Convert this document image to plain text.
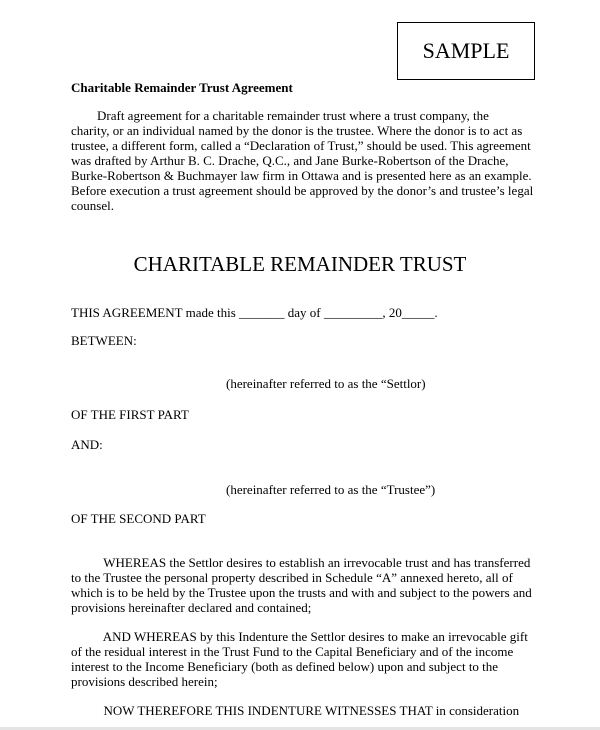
SAMPLE
Charitable Remainder Trust Agreement
Draft agreement for a charitable remainder trust where a trust company, the
charity, or an individual named by the donor is the trustee. Where the donor is to act as
trustee, a different form, called a “Declaration of Trust,” should be used. This agreement
was drafted by Arthur B. C. Drache, Q.C., and Jane Burke-Robertson of the Drache,
Burke-Robertson & Buchmayer law firm in Ottawa and is presented here as an example.
Before execution a trust agreement should be approved by the donor’s and trustee’s legal
counsel.
CHARITABLE REMAINDER TRUST
THIS AGREEMENT made this _______ day of _________, 20_____.
BETWEEN:
(hereinafter referred to as the “Settlor)
OF THE FIRST PART
AND:
(hereinafter referred to as the “Trustee”)
OF THE SECOND PART
WHEREAS the Settlor desires to establish an irrevocable trust and has transferred
to the Trustee the personal property described in Schedule “A” annexed hereto, all of
which is to be held by the Trustee upon the trusts and with and subject to the powers and
provisions hereinafter declared and contained;
AND WHEREAS by this Indenture the Settlor desires to make an irrevocable gift
of the residual interest in the Trust Fund to the Capital Beneficiary and of the income
interest to the Income Beneficiary (both as defined below) upon and subject to the
provisions described herein;
NOW THEREFORE THIS INDENTURE WITNESSES THAT in consideration
